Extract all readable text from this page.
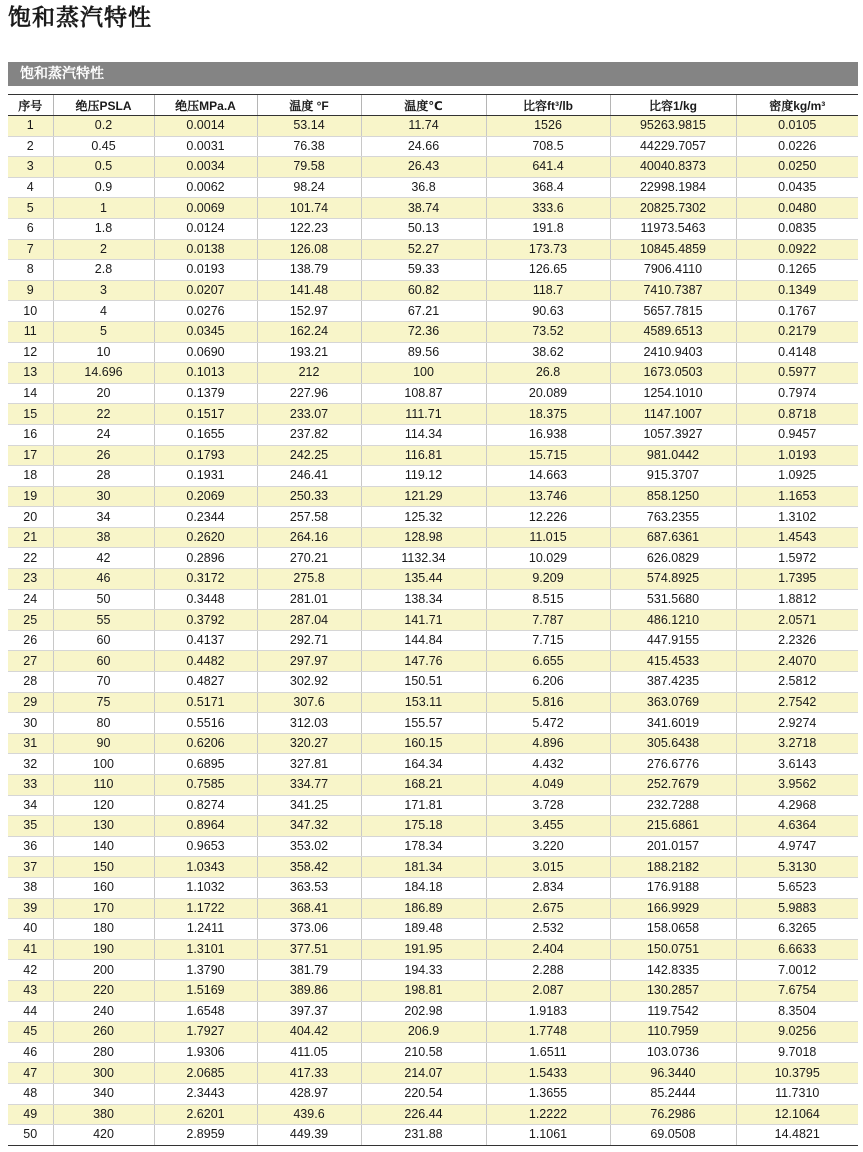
饱和蒸汽特性
饱和蒸汽特性
序号	绝压PSLA	绝压MPa.A	温度 °F	温度℃	比容ft³/lb	比容1/kg	密度kg/m³
1	0.2	0.0014	53.14	11.74	1526	95263.9815	0.0105
2	0.45	0.0031	76.38	24.66	708.5	44229.7057	0.0226
3	0.5	0.0034	79.58	26.43	641.4	40040.8373	0.0250
4	0.9	0.0062	98.24	36.8	368.4	22998.1984	0.0435
5	1	0.0069	101.74	38.74	333.6	20825.7302	0.0480
6	1.8	0.0124	122.23	50.13	191.8	11973.5463	0.0835
7	2	0.0138	126.08	52.27	173.73	10845.4859	0.0922
8	2.8	0.0193	138.79	59.33	126.65	7906.4110	0.1265
9	3	0.0207	141.48	60.82	118.7	7410.7387	0.1349
10	4	0.0276	152.97	67.21	90.63	5657.7815	0.1767
11	5	0.0345	162.24	72.36	73.52	4589.6513	0.2179
12	10	0.0690	193.21	89.56	38.62	2410.9403	0.4148
13	14.696	0.1013	212	100	26.8	1673.0503	0.5977
14	20	0.1379	227.96	108.87	20.089	1254.1010	0.7974
15	22	0.1517	233.07	111.71	18.375	1147.1007	0.8718
16	24	0.1655	237.82	114.34	16.938	1057.3927	0.9457
17	26	0.1793	242.25	116.81	15.715	981.0442	1.0193
18	28	0.1931	246.41	119.12	14.663	915.3707	1.0925
19	30	0.2069	250.33	121.29	13.746	858.1250	1.1653
20	34	0.2344	257.58	125.32	12.226	763.2355	1.3102
21	38	0.2620	264.16	128.98	11.015	687.6361	1.4543
22	42	0.2896	270.21	1132.34	10.029	626.0829	1.5972
23	46	0.3172	275.8	135.44	9.209	574.8925	1.7395
24	50	0.3448	281.01	138.34	8.515	531.5680	1.8812
25	55	0.3792	287.04	141.71	7.787	486.1210	2.0571
26	60	0.4137	292.71	144.84	7.715	447.9155	2.2326
27	60	0.4482	297.97	147.76	6.655	415.4533	2.4070
28	70	0.4827	302.92	150.51	6.206	387.4235	2.5812
29	75	0.5171	307.6	153.11	5.816	363.0769	2.7542
30	80	0.5516	312.03	155.57	5.472	341.6019	2.9274
31	90	0.6206	320.27	160.15	4.896	305.6438	3.2718
32	100	0.6895	327.81	164.34	4.432	276.6776	3.6143
33	110	0.7585	334.77	168.21	4.049	252.7679	3.9562
34	120	0.8274	341.25	171.81	3.728	232.7288	4.2968
35	130	0.8964	347.32	175.18	3.455	215.6861	4.6364
36	140	0.9653	353.02	178.34	3.220	201.0157	4.9747
37	150	1.0343	358.42	181.34	3.015	188.2182	5.3130
38	160	1.1032	363.53	184.18	2.834	176.9188	5.6523
39	170	1.1722	368.41	186.89	2.675	166.9929	5.9883
40	180	1.2411	373.06	189.48	2.532	158.0658	6.3265
41	190	1.3101	377.51	191.95	2.404	150.0751	6.6633
42	200	1.3790	381.79	194.33	2.288	142.8335	7.0012
43	220	1.5169	389.86	198.81	2.087	130.2857	7.6754
44	240	1.6548	397.37	202.98	1.9183	119.7542	8.3504
45	260	1.7927	404.42	206.9	1.7748	110.7959	9.0256
46	280	1.9306	411.05	210.58	1.6511	103.0736	9.7018
47	300	2.0685	417.33	214.07	1.5433	96.3440	10.3795
48	340	2.3443	428.97	220.54	1.3655	85.2444	11.7310
49	380	2.6201	439.6	226.44	1.2222	76.2986	12.1064
50	420	2.8959	449.39	231.88	1.1061	69.0508	14.4821
